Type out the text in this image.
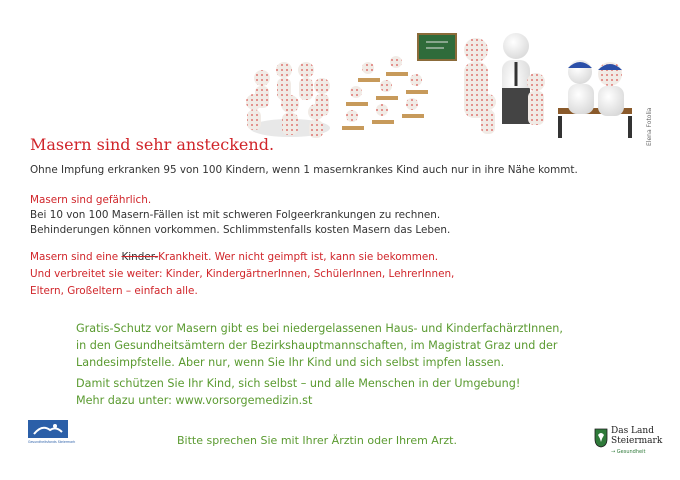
Elena Fotolia
Masern sind sehr ansteckend.
Ohne Impfung erkranken 95 von 100 Kindern, wenn 1 masernkrankes Kind auch nur in ihre Nähe kommt.
Masern sind gefährlich.
Bei 10 von 100 Masern-Fällen ist mit schweren Folgeerkrankungen zu rechnen.
Behinderungen können vorkommen. Schlimmstenfalls kosten Masern das Leben.
Masern sind eine Kinder-Krankheit. Wer nicht geimpft ist, kann sie bekommen.
Und verbreitet sie weiter: Kinder, KindergärtnerInnen, SchülerInnen, LehrerInnen,
Eltern, Großeltern – einfach alle.
Gratis-Schutz vor Masern gibt es bei niedergelassenen Haus- und KinderfachärztInnen,
in den Gesundheitsämtern der Bezirkshauptmannschaften, im Magistrat Graz und der
Landesimpfstelle. Aber nur, wenn Sie Ihr Kind und sich selbst impfen lassen.
Damit schützen Sie Ihr Kind, sich selbst – und alle Menschen in der Umgebung!
Mehr dazu unter: www.vorsorgemedizin.st
Gesundheitsfonds Steiermark	Bitte sprechen Sie mit Ihrer Ärztin oder Ihrem Arzt.
Das Land
Steiermark
→ Gesundheit
